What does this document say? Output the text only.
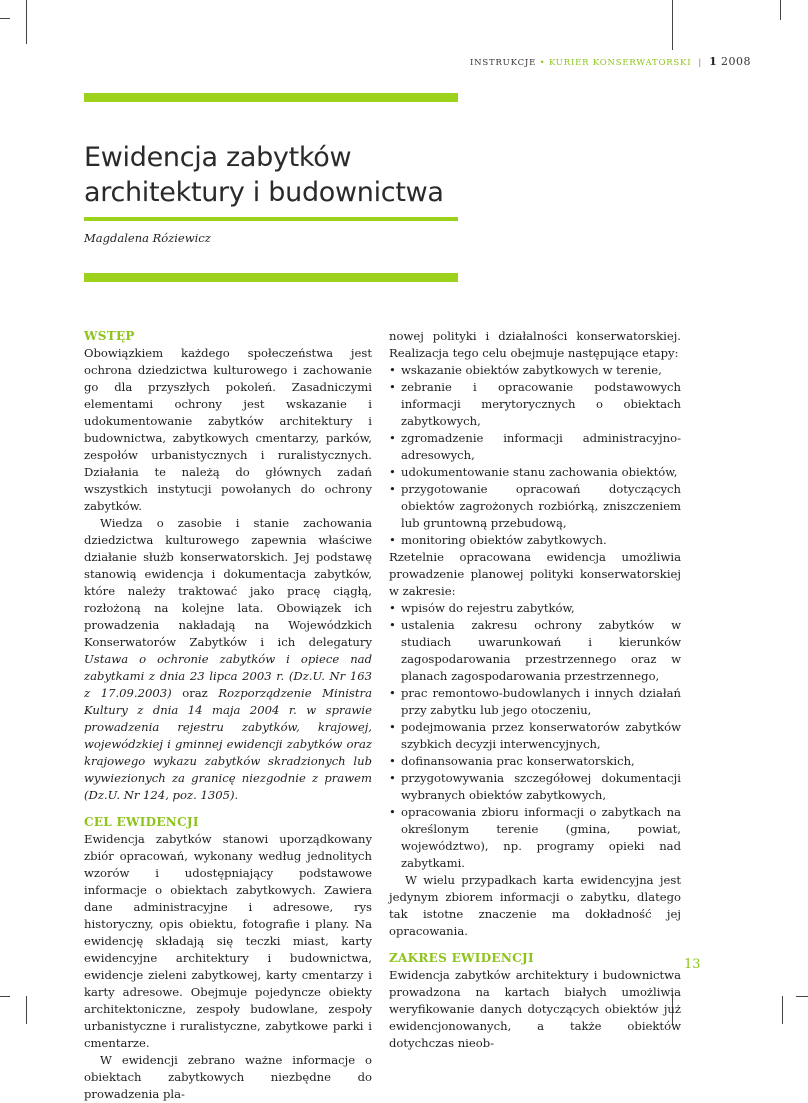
INSTRUKCJE • KURIER KONSERWATORSKI | 1 2008
Ewidencja zabytków
architektury i budownictwa
Magdalena Róziewicz
WSTĘP

Obowiązkiem każdego społeczeństwa jest ochrona dziedzictwa kulturowego i zachowanie go dla przyszłych pokoleń. Zasadniczymi elementami ochrony jest wskazanie i udokumentowanie zabytków architektury i budownictwa, zabytkowych cmentarzy, parków, zespołów urbanistycznych i ruralistycznych. Działania te należą do głównych zadań wszystkich instytucji powołanych do ochrony zabytków.

Wiedza o zasobie i stanie zachowania dziedzictwa kulturowego zapewnia właściwe działanie służb konserwatorskich. Jej podstawę stanowią ewidencja i dokumentacja zabytków, które należy traktować jako pracę ciągłą, rozłożoną na kolejne lata. Obowiązek ich prowadzenia nakładają na Wojewódzkich Konserwatorów Zabytków i ich delegatury Ustawa o ochronie zabytków i opiece nad zabytkami z dnia 23 lipca 2003 r. (Dz.U. Nr 163 z 17.09.2003) oraz Rozporządzenie Ministra Kultury z dnia 14 maja 2004 r. w sprawie prowadzenia rejestru zabytków, krajowej, wojewódzkiej i gminnej ewidencji zabytków oraz krajowego wykazu zabytków skradzionych lub wywiezionych za granicę niezgodnie z prawem (Dz.U. Nr 124, poz. 1305).

CEL EWIDENCJI

Ewidencja zabytków stanowi uporządkowany zbiór opracowań, wykonany według jednolitych wzorów i udostępniający podstawowe informacje o obiektach zabytkowych. Zawiera dane administracyjne i adresowe, rys historyczny, opis obiektu, fotografie i plany. Na ewidencję składają się teczki miast, karty ewidencyjne architektury i budownictwa, ewidencje zieleni zabytkowej, karty cmentarzy i karty adresowe. Obejmuje pojedyncze obiekty architektoniczne, zespoły budowlane, zespoły urbanistyczne i ruralistyczne, zabytkowe parki i cmentarze.

W ewidencji zebrano ważne informacje o obiektach zabytkowych niezbędne do prowadzenia pla-

nowej polityki i działalności konserwatorskiej. Realizacja tego celu obejmuje następujące etapy:

• wskazanie obiektów zabytkowych w terenie,
• zebranie i opracowanie podstawowych informacji merytorycznych o obiektach zabytkowych,
• zgromadzenie informacji administracyjno-adresowych,
• udokumentowanie stanu zachowania obiektów,
• przygotowanie opracowań dotyczących obiektów zagrożonych rozbiórką, zniszczeniem lub gruntowną przebudową,
• monitoring obiektów zabytkowych.

Rzetelnie opracowana ewidencja umożliwia prowadzenie planowej polityki konserwatorskiej w zakresie:

• wpisów do rejestru zabytków,
• ustalenia zakresu ochrony zabytków w studiach uwarunkowań i kierunków zagospodarowania przestrzennego oraz w planach zagospodarowania przestrzennego,
• prac remontowo-budowlanych i innych działań przy zabytku lub jego otoczeniu,
• podejmowania przez konserwatorów zabytków szybkich decyzji interwencyjnych,
• dofinansowania prac konserwatorskich,
• przygotowywania szczegółowej dokumentacji wybranych obiektów zabytkowych,
• opracowania zbioru informacji o zabytkach na określonym terenie (gmina, powiat, województwo), np. programy opieki nad zabytkami.

W wielu przypadkach karta ewidencyjna jest jedynym zbiorem informacji o zabytku, dlatego tak istotne znaczenie ma dokładność jej opracowania.

ZAKRES EWIDENCJI

Ewidencja zabytków architektury i budownictwa prowadzona na kartach białych umożliwia weryfikowanie danych dotyczących obiektów już ewidencjonowanych, a także obiektów dotychczas nieob-

13
